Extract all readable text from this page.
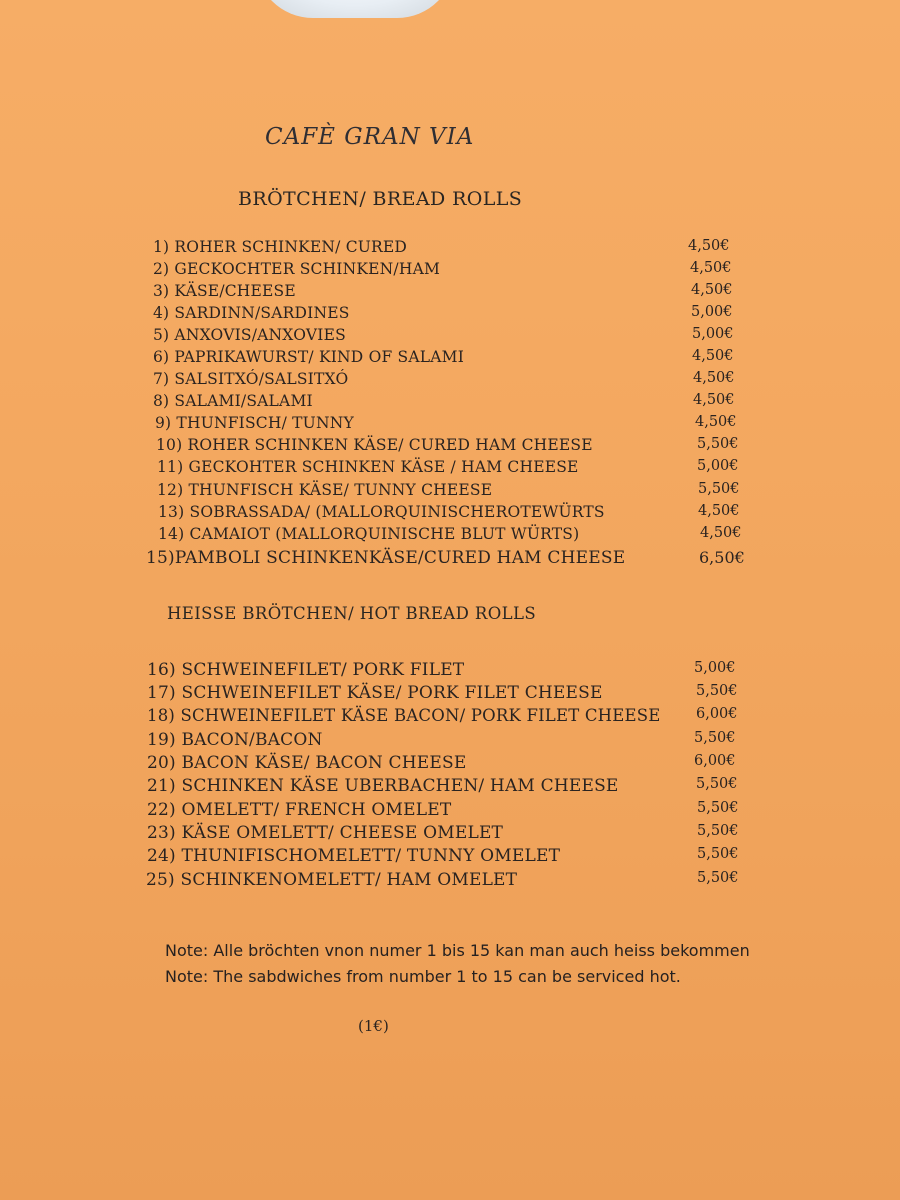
CAFÈ GRAN VIA
BRÖTCHEN/ BREAD ROLLS
1) ROHER SCHINKEN/ CURED	4,50€
2) GECKOCHTER SCHINKEN/HAM	4,50€
3) KÄSE/CHEESE	4,50€
4) SARDINN/SARDINES	5,00€
5) ANXOVIS/ANXOVIES	5,00€
6) PAPRIKAWURST/ KIND OF SALAMI	4,50€
7) SALSITXÓ/SALSITXÓ	4,50€
8) SALAMI/SALAMI	4,50€
9) THUNFISCH/ TUNNY	4,50€
10) ROHER SCHINKEN KÄSE/ CURED HAM CHEESE	5,50€
11) GECKOHTER SCHINKEN KÄSE / HAM CHEESE	5,00€
12) THUNFISCH KÄSE/ TUNNY CHEESE	5,50€
13) SOBRASSADA/ (MALLORQUINISCHEROTEWÜRTS	4,50€
14) CAMAIOT (MALLORQUINISCHE BLUT WÜRTS)	4,50€
15)PAMBOLI SCHINKENKÄSE/CURED HAM CHEESE	6,50€
HEISSE BRÖTCHEN/ HOT BREAD ROLLS
16) SCHWEINEFILET/ PORK FILET	5,00€
17) SCHWEINEFILET KÄSE/ PORK FILET CHEESE	5,50€
18) SCHWEINEFILET KÄSE BACON/ PORK FILET CHEESE 6,00€
19) BACON/BACON	5,50€
20) BACON KÄSE/ BACON CHEESE	6,00€
21) SCHINKEN KÄSE UBERBACHEN/ HAM CHEESE	5,50€
22) OMELETT/ FRENCH OMELET	5,50€
23) KÄSE OMELETT/ CHEESE OMELET	5,50€
24) THUNIFISCHOMELETT/ TUNNY OMELET	5,50€
25) SCHINKENOMELETT/ HAM OMELET	5,50€
Note: Alle bröchten vnon numer 1 bis 15 kan man auch heiss bekommen
Note: The sabdwiches from number 1 to 15 can be serviced hot.
(1€)
